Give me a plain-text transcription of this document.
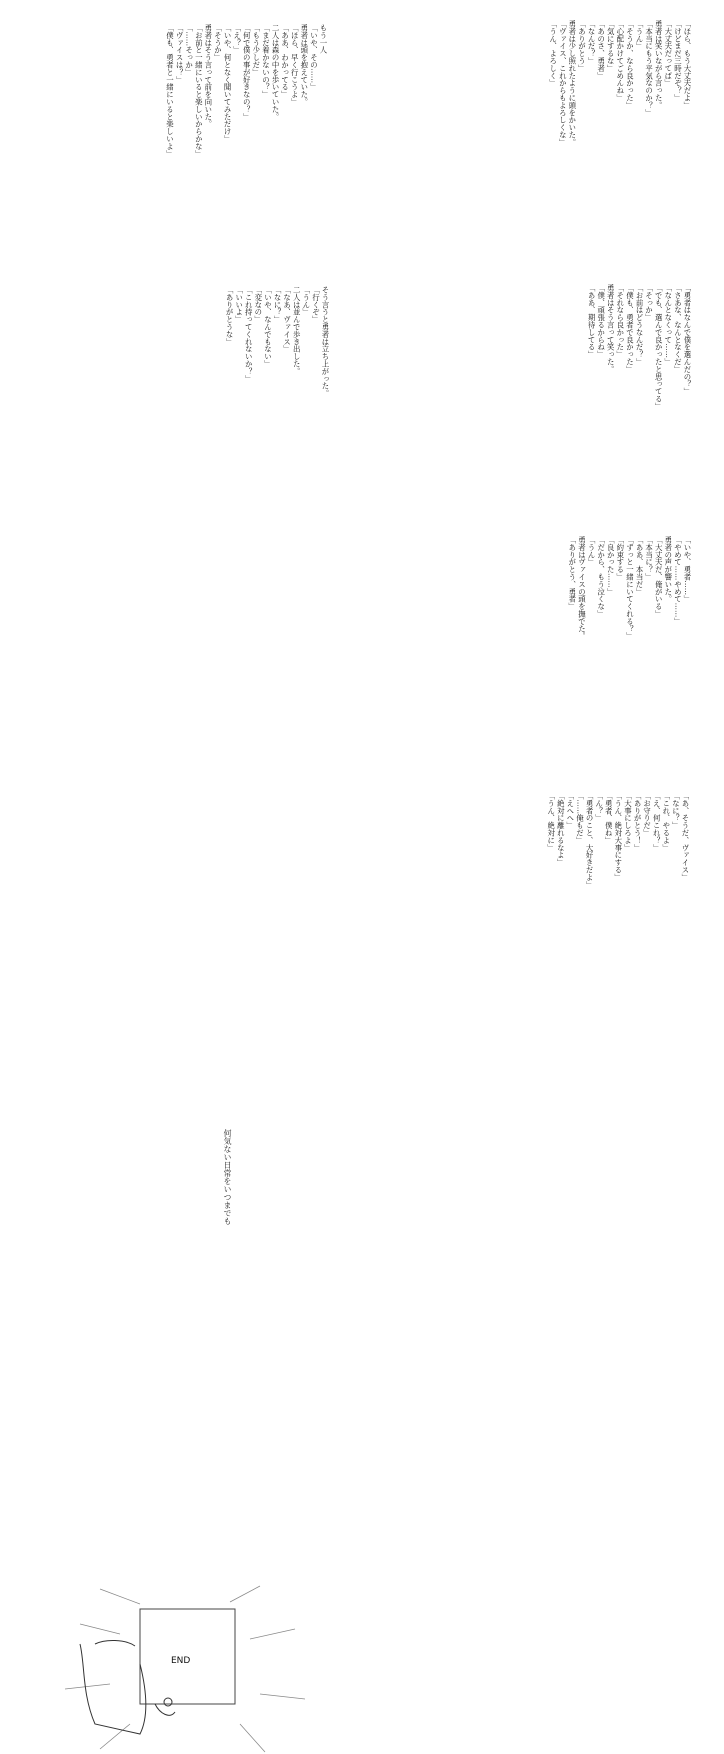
もう一人
「いや、その……」
勇者は頭を抱えていた。
「ほら、早く行こうよ」
「ああ、わかってる」
二人は森の中を歩いていた。
「まだ着かないの？」
「もう少しだ」
「何で僕の事が好きなの？」
「え？」
「いや、何となく聞いてみただけ」
「そうか」
勇者はそう言って前を向いた。
「お前と一緒にいると楽しいからかな」
「……そっか」
「ヴァイスは？」
「僕も、勇者と一緒にいると楽しいよ」	「ほら、もう大丈夫だよ」
「けどまだ三時だぞ？」
「大丈夫だってば」
勇者は笑いながら言った。
「本当にもう平気なのか？」
「うん」
「そうか、なら良かった」
「心配かけてごめんね」
「気にするな」
「あのさ、勇者」
「なんだ？」
「ありがとう」
勇者は少し照れたように頭をかいた。
「ヴァイス、これからもよろしくな」
「うん、よろしく」
そう言うと勇者は立ち上がった。
「行くぞ」
「うん」
二人は並んで歩き出した。
「なあ、ヴァイス」
「なに？」
「いや、なんでもない」
「変なの」
「これ持ってくれないか？」
「いいよ」
「ありがとうな」	「勇者はなんで僕を選んだの？」
「さあな、なんとなくだ」
「なんとなくって……」
「でも、選んで良かったと思ってる」
「そっか」
「お前はどうなんだ？」
「僕も、勇者で良かった」
「それなら良かった」
勇者はそう言って笑った。
「僕、頑張るからね」
「ああ、期待してる」
何気ない日常をいつまでも
「いや、勇者……」
「やめて……やめて……」
勇者の声が響いた。
「大丈夫だ、俺がいる」
「本当に？」
「ああ、本当だ」
「ずっと一緒にいてくれる？」
「約束する」
「良かった……」
「だから、もう泣くな」
「うん」
勇者はヴァイスの頭を撫でた。
「ありがとう、勇者」
END
「あ、そうだ、ヴァイス」
「なに？」
「これ、やるよ」
「え、何これ？」
「お守りだ」
「ありがとう！」
「大事にしろよ」
「うん、絶対大事にする」
「勇者、僕ね」
「ん？」
「勇者のこと、大好きだよ」
「……俺もだ」
「えへへ」
「絶対に離れるなよ」
「うん、絶対に」
